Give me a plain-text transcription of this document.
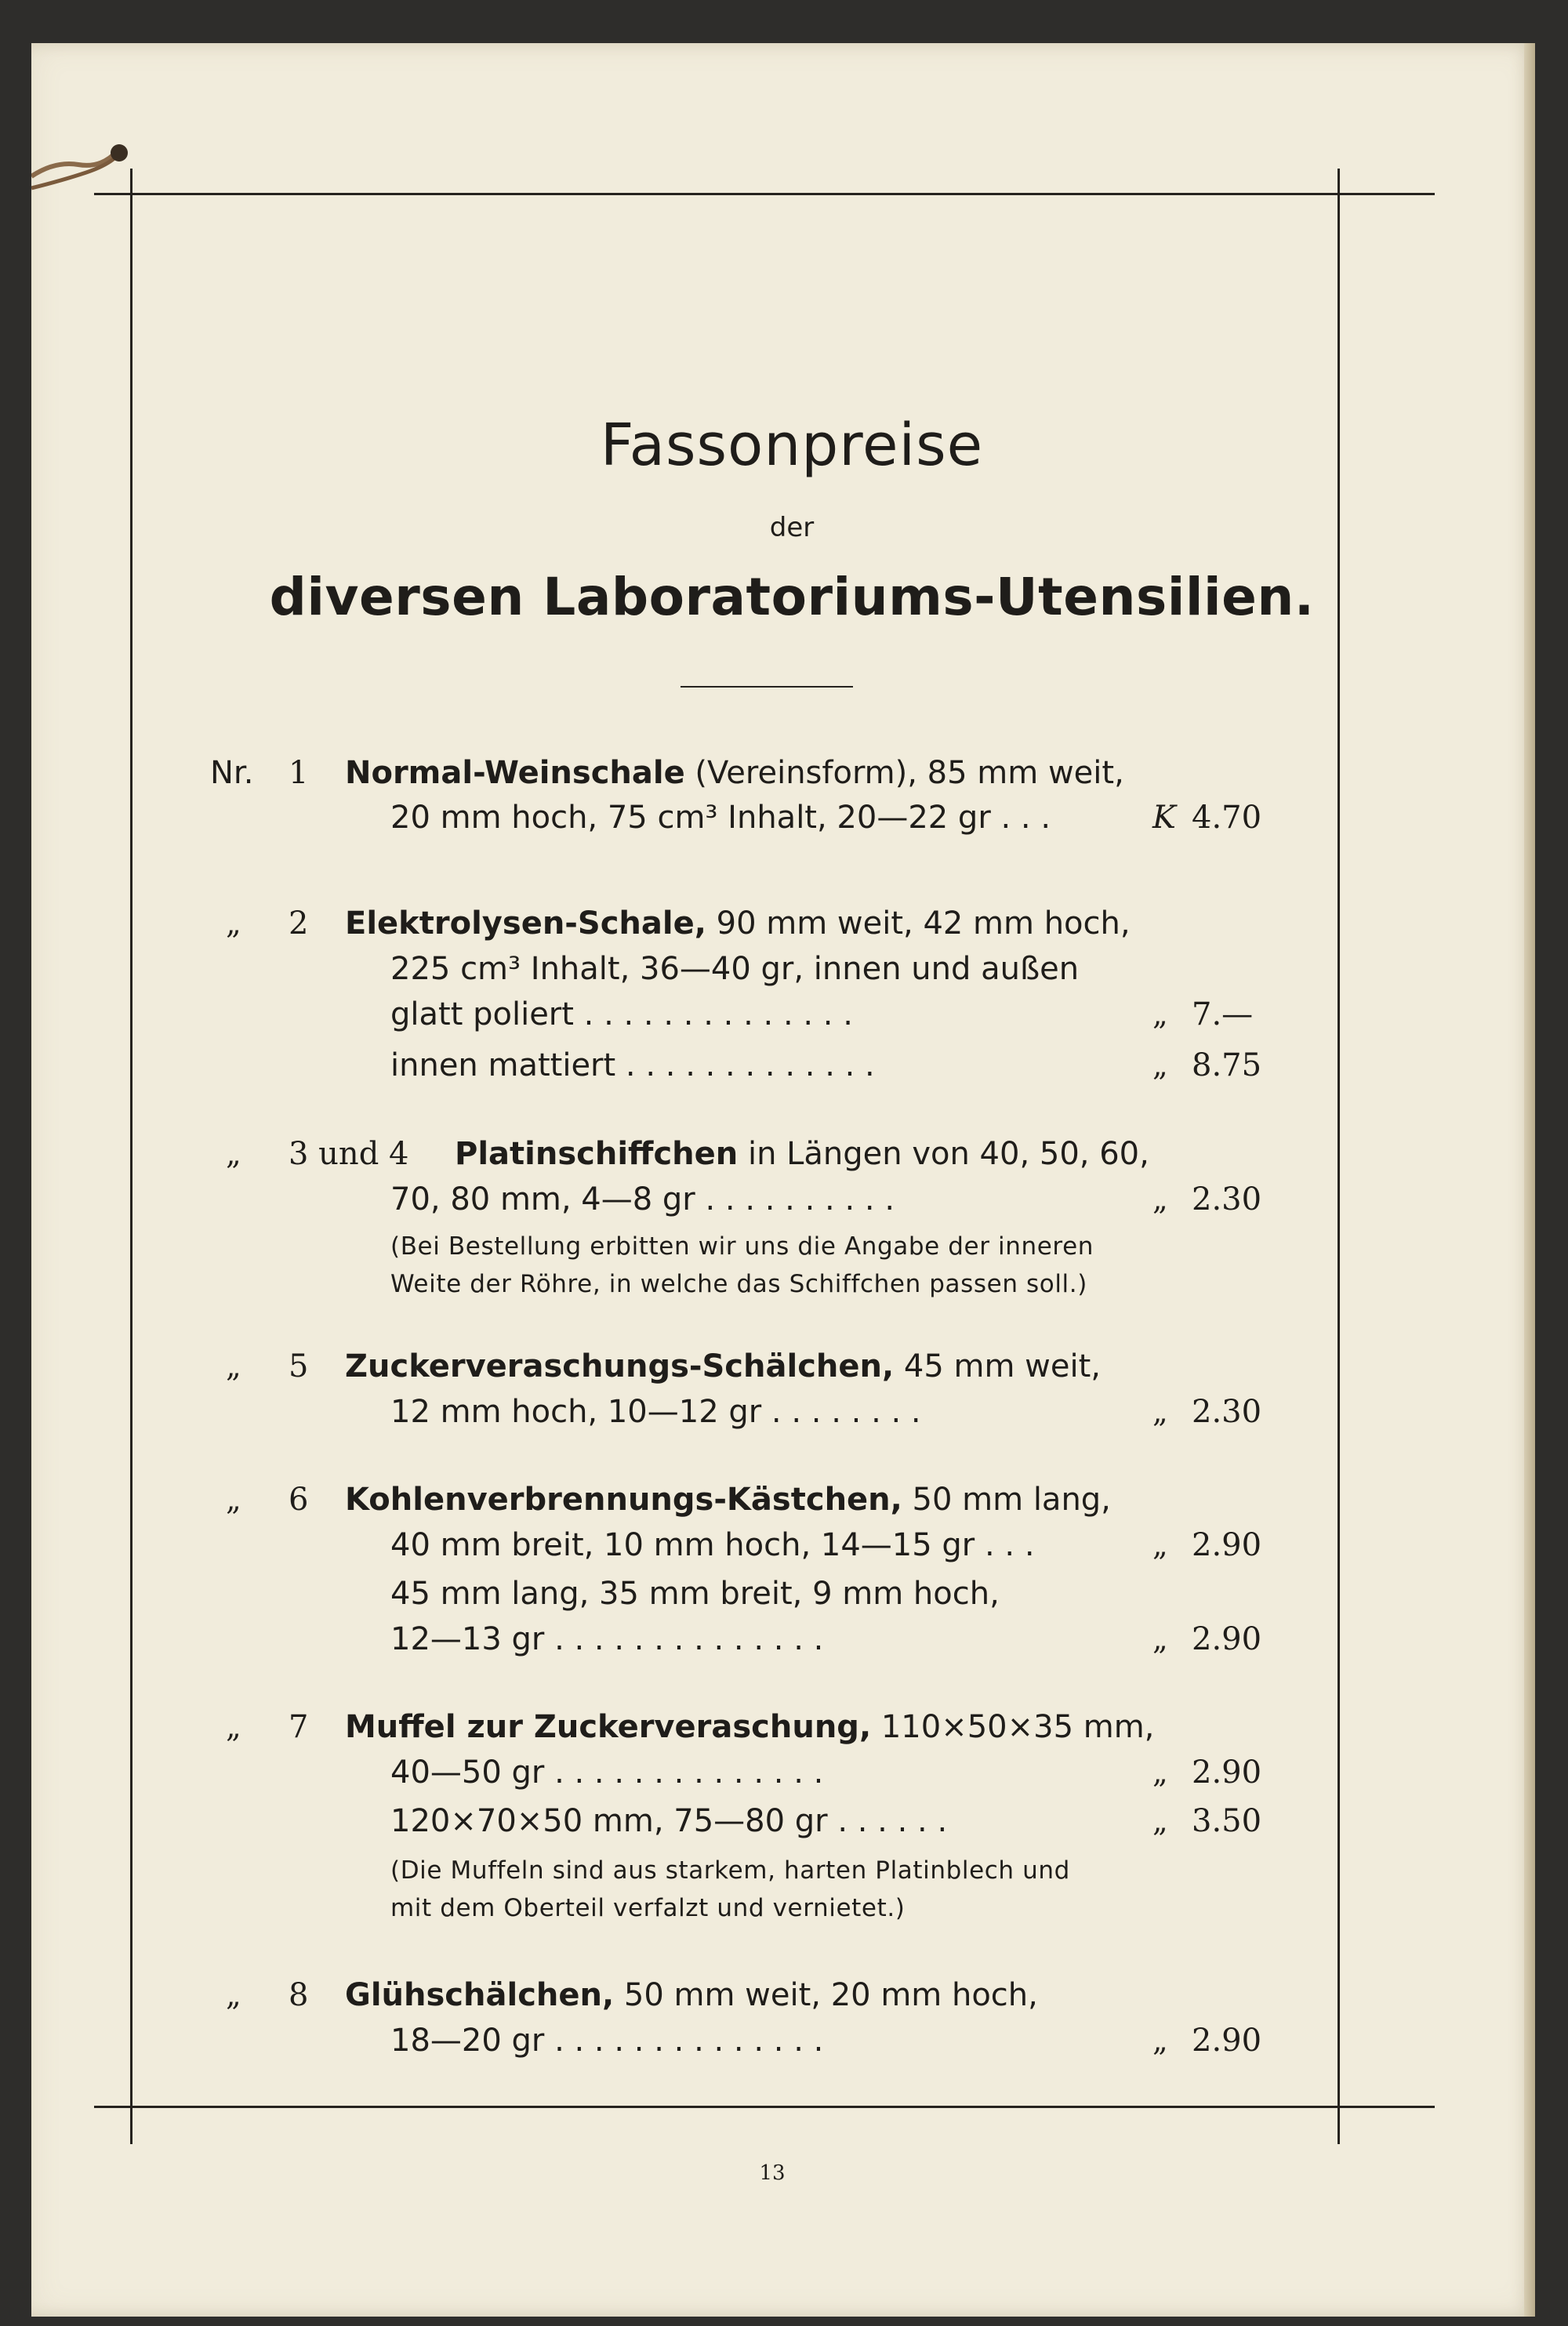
Fassonpreise
der
diversen Laboratoriums-Utensilien.
Nr. 1 Normal-Weinschale (Vereinsform), 85 mm weit,
20 mm hoch, 75 cm³ Inhalt, 20—22 gr . . .	K 4.70
„ 2 Elektrolysen-Schale, 90 mm weit, 42 mm hoch,
225 cm³ Inhalt, 36—40 gr, innen und außen
glatt poliert . . . . . . . . . . . . . .	„ 7.—
innen mattiert . . . . . . . . . . . . .	„ 8.75
„ 3 und 4 Platinschiffchen in Längen von 40, 50, 60,
70, 80 mm, 4—8 gr . . . . . . . . . .	„ 2.30
(Bei Bestellung erbitten wir uns die Angabe der inneren
Weite der Röhre, in welche das Schiffchen passen soll.)
„ 5 Zuckerveraschungs-Schälchen, 45 mm weit,
12 mm hoch, 10—12 gr . . . . . . . .	„ 2.30
„ 6 Kohlenverbrennungs-Kästchen, 50 mm lang,
40 mm breit, 10 mm hoch, 14—15 gr . . .	„ 2.90
45 mm lang, 35 mm breit, 9 mm hoch,
12—13 gr . . . . . . . . . . . . . .	„ 2.90
„ 7 Muffel zur Zuckerveraschung, 110×50×35 mm,
40—50 gr . . . . . . . . . . . . . .	„ 2.90
120×70×50 mm, 75—80 gr . . . . . .	„ 3.50
(Die Muffeln sind aus starkem, harten Platinblech und
mit dem Oberteil verfalzt und vernietet.)
„ 8 Glühschälchen, 50 mm weit, 20 mm hoch,
18—20 gr . . . . . . . . . . . . . .	„ 2.90
13
